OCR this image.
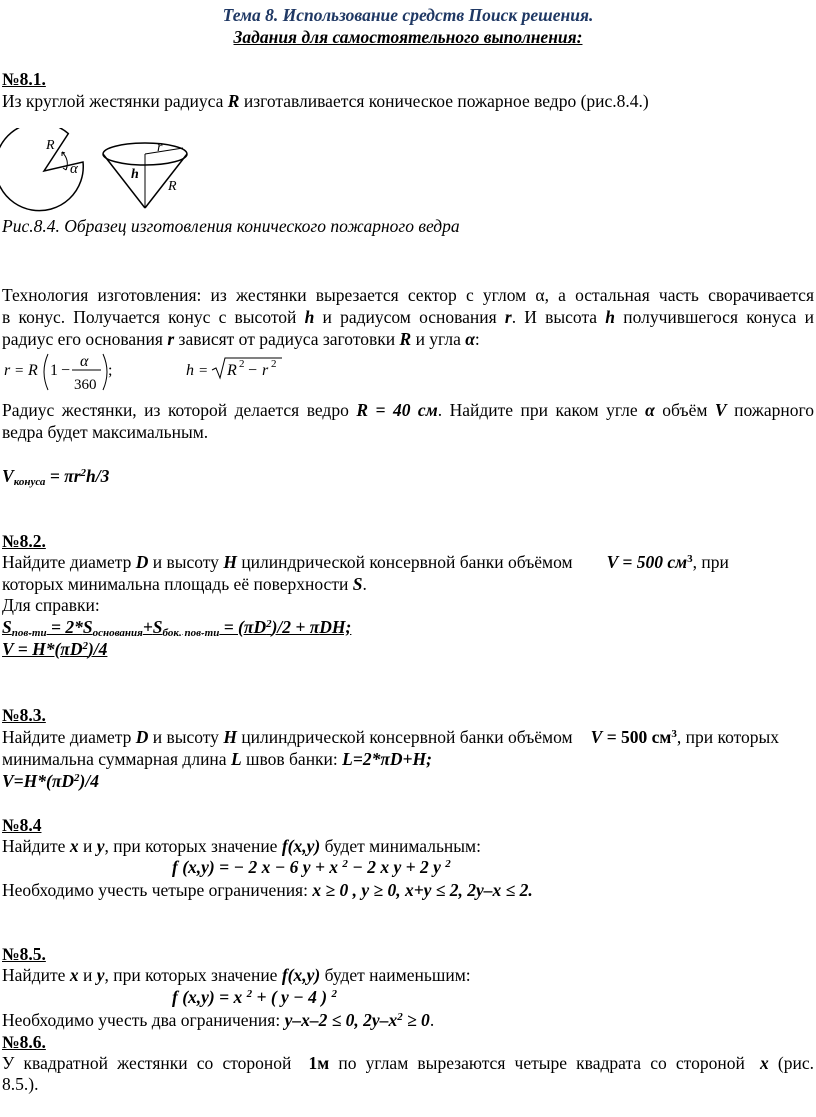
Тема 8. Использование средств Поиск решения.
Задания для самостоятельного выполнения:
№8.1.
Из круглой жестянки радиуса R изготавливается коническое пожарное ведро (рис.8.4.)
R
α
r
h
R
Рис.8.4. Образец изготовления конического пожарного ведра
Технология изготовления: из жестянки вырезается сектор с углом α, а остальная часть сворачивается
в конус. Получается конус с высотой h и радиусом основания r. И высота h получившегося конуса и
радиус его основания r зависят от радиуса заготовки R и угла α:
r = R 1 −
α
360
;	h = R 2 − r 2
Радиус жестянки, из которой делается ведро R = 40 см. Найдите при каком угле α объём V пожарного
ведра будет максимальным.
$V_{конуса} = \pi r^2h/3$
№8.2.
Найдите диаметр D и высоту H цилиндрической консервной банки объёмом V = 500 $см^3$, при
которых минимальна площадь её поверхности S.
Для справки:
$S_{пов-ти} = 2*S_{основания}+S_{бок. пов-ти} = (\pi D^2)/2 + \pi DH$;
$V = H*(\pi D^2)/4$
№8.3.
Найдите диаметр D и высоту H цилиндрической консервной банки объёмом V = 500 $см^3$, при которых
минимальна суммарная длина L швов банки: L=2*πD+H;
$V=H*(\pi D^2)/4$
№8.4
Найдите x и y, при которых значение f(x,y) будет минимальным:
f (x,y) = − 2 x − 6 y + x $^2$ − 2 x y + 2 y $^2$
Необходимо учесть четыре ограничения: x ≥ 0 , y ≥ 0, x+y ≤ 2, 2y–x ≤ 2.
№8.5.
Найдите x и y, при которых значение f(x,y) будет наименьшим:
f (x,y) = x $^2$ + ( y − 4 ) $^2$
Необходимо учесть два ограничения: y–x–2 ≤ 0, $2y-x^2 \ge 0$.
№8.6.
У квадратной жестянки со стороной 1м по углам вырезаются четыре квадрата со стороной x (рис.
8.5.).
